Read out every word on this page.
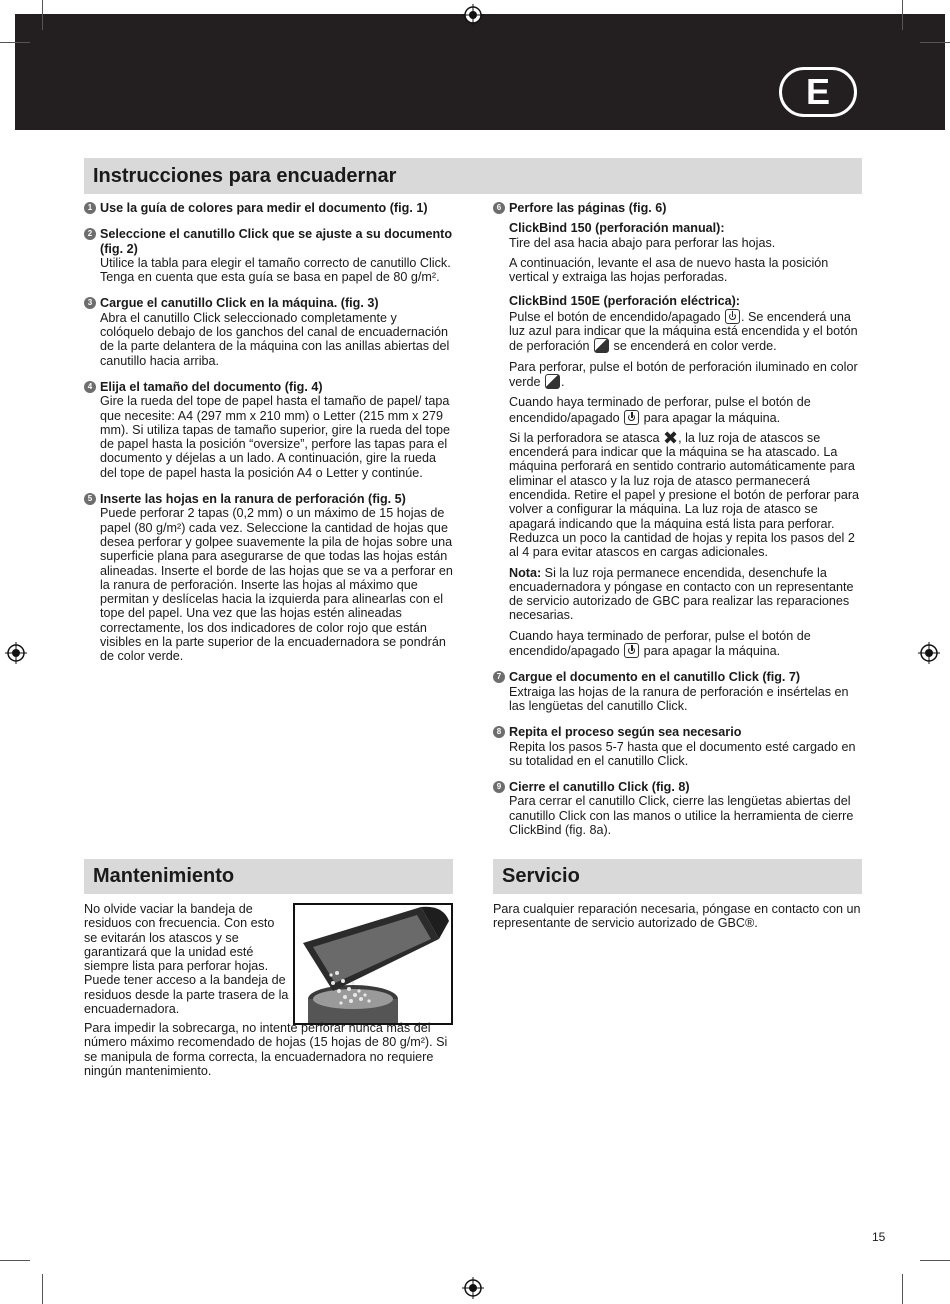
E
Instrucciones para encuadernar
1 Use la guía de colores para medir el documento (fig. 1)
2 Seleccione el canutillo Click que se ajuste a su documento (fig. 2)
Utilice la tabla para elegir el tamaño correcto de canutillo Click. Tenga en cuenta que esta guía se basa en papel de 80 g/m².
3 Cargue el canutillo Click en la máquina. (fig. 3)
Abra el canutillo Click seleccionado completamente y colóquelo debajo de los ganchos del canal de encuadernación de la parte delantera de la máquina con las anillas abiertas del canutillo hacia arriba.
4 Elija el tamaño del documento (fig. 4)
Gire la rueda del tope de papel hasta el tamaño de papel/ tapa que necesite: A4 (297 mm x 210 mm) o Letter (215 mm x 279 mm). Si utiliza tapas de tamaño superior, gire la rueda del tope de papel hasta la posición “oversize”, perfore las tapas para el documento y déjelas a un lado. A continuación, gire la rueda del tope de papel hasta la posición A4 o Letter y continúe.
5 Inserte las hojas en la ranura de perforación (fig. 5)
Puede perforar 2 tapas (0,2 mm) o un máximo de 15 hojas de papel (80 g/m²) cada vez. Seleccione la cantidad de hojas que desea perforar y golpee suavemente la pila de hojas sobre una superficie plana para asegurarse de que todas las hojas están alineadas. Inserte el borde de las hojas que se va a perforar en la ranura de perforación. Inserte las hojas al máximo que permitan y deslícelas hacia la izquierda para alinearlas con el tope del papel. Una vez que las hojas estén alineadas correctamente, los dos indicadores de color rojo que están visibles en la parte superior de la encuadernadora se pondrán de color verde.
6 Perfore las páginas (fig. 6)
ClickBind 150 (perforación manual):

Tire del asa hacia abajo para perforar las hojas.

A continuación, levante el asa de nuevo hasta la posición vertical y extraiga las hojas perforadas.

ClickBind 150E (perforación eléctrica):

Pulse el botón de encendido/apagado . Se encenderá una luz azul para indicar que la máquina está encendida y el botón de perforación se encenderá en color verde.

Para perforar, pulse el botón de perforación iluminado en color verde .

Cuando haya terminado de perforar, pulse el botón de encendido/apagado para apagar la máquina.

Si la perforadora se atasca ✖, la luz roja de atascos se encenderá para indicar que la máquina se ha atascado. La máquina perforará en sentido contrario automáticamente para eliminar el atasco y la luz roja de atasco permanecerá encendida. Retire el papel y presione el botón de perforar para volver a configurar la máquina. La luz roja de atasco se apagará indicando que la máquina está lista para perforar. Reduzca un poco la cantidad de hojas y repita los pasos del 2 al 4 para evitar atascos en cargas adicionales.

Nota: Si la luz roja permanece encendida, desenchufe la encuadernadora y póngase en contacto con un representante de servicio autorizado de GBC para realizar las reparaciones necesarias.

Cuando haya terminado de perforar, pulse el botón de encendido/apagado para apagar la máquina.

7 Cargue el documento en el canutillo Click (fig. 7)
Extraiga las hojas de la ranura de perforación e insértelas en las lengüetas del canutillo Click.
8 Repita el proceso según sea necesario
Repita los pasos 5-7 hasta que el documento esté cargado en su totalidad en el canutillo Click.
9 Cierre el canutillo Click (fig. 8)
Para cerrar el canutillo Click, cierre las lengüetas abiertas del canutillo Click con las manos o utilice la herramienta de cierre ClickBind (fig. 8a).
Mantenimiento
No olvide vaciar la bandeja de residuos con frecuencia. Con esto se evitarán los atascos y se garantizará que la unidad esté siempre lista para perforar hojas. Puede tener acceso a la bandeja de residuos desde la parte trasera de la encuadernadora.
Para impedir la sobrecarga, no intente perforar nunca más del número máximo recomendado de hojas (15 hojas de 80 g/m²). Si se manipula de forma correcta, la encuadernadora no requiere ningún mantenimiento.
Servicio
Para cualquier reparación necesaria, póngase en contacto con un representante de servicio autorizado de GBC®.
15
